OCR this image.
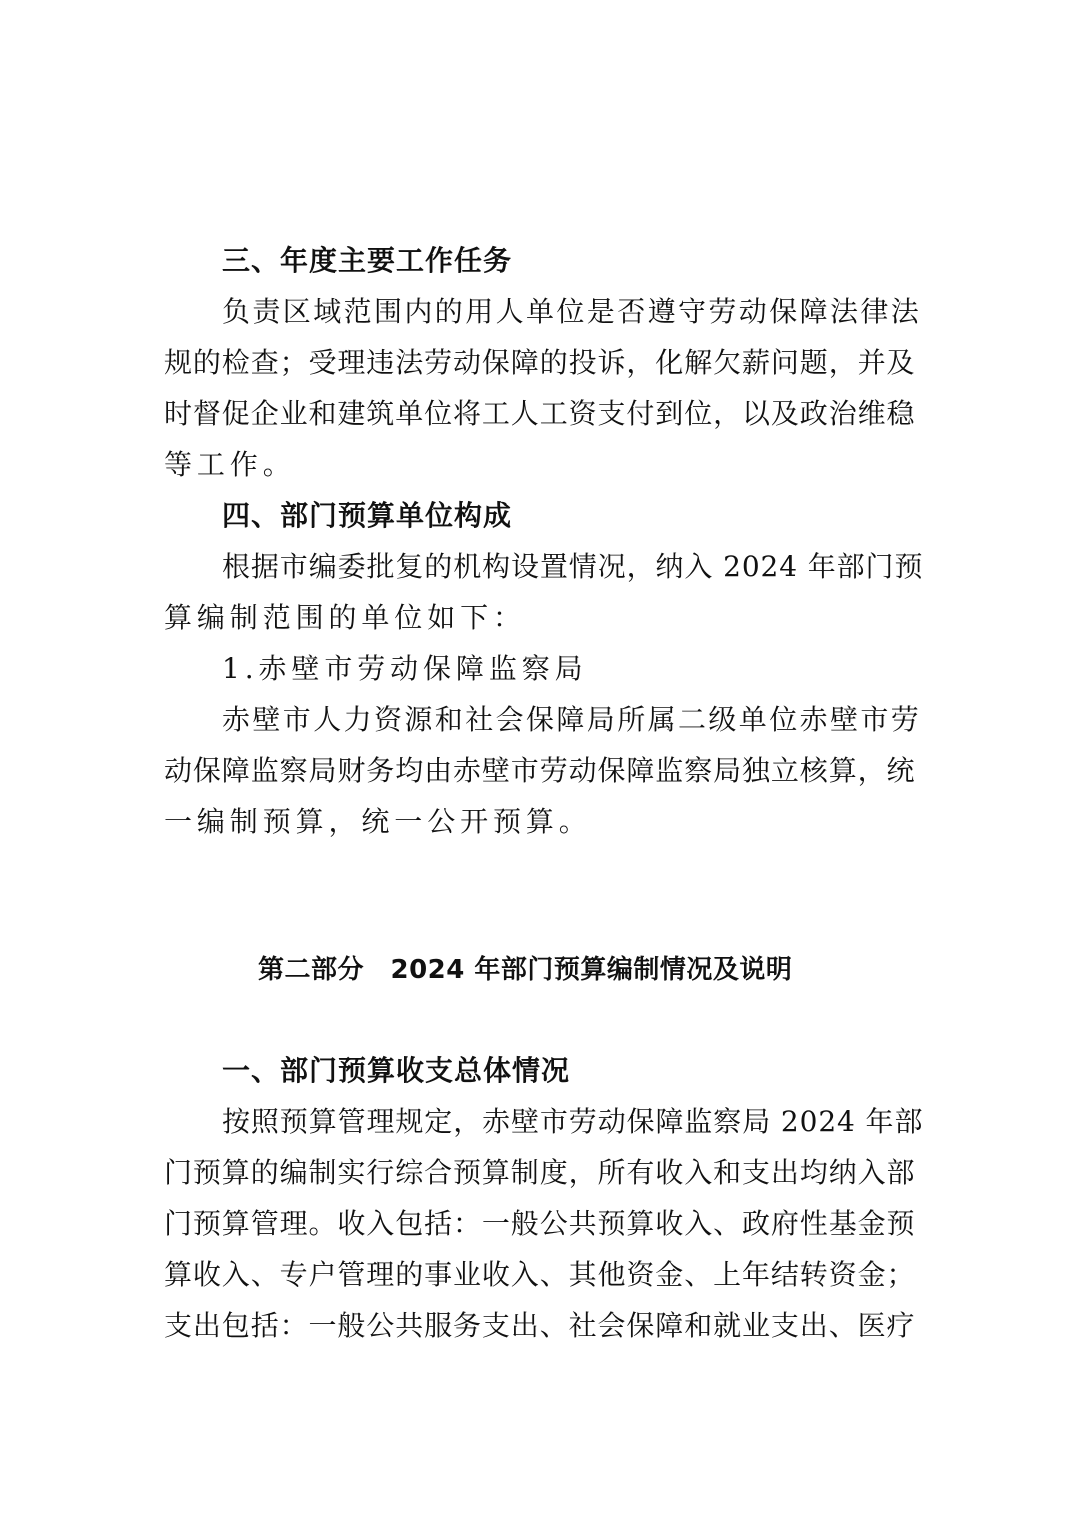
三、年度主要工作任务
负责区域范围内的用人单位是否遵守劳动保障法律法
规的检查；受理违法劳动保障的投诉，化解欠薪问题，并及
时督促企业和建筑单位将工人工资支付到位，以及政治维稳
等工作。
四、部门预算单位构成
根据市编委批复的机构设置情况，纳入 2024 年部门预
算编制范围的单位如下：
1.赤壁市劳动保障监察局
赤壁市人力资源和社会保障局所属二级单位赤壁市劳
动保障监察局财务均由赤壁市劳动保障监察局独立核算，统
一编制预算，统一公开预算。
第二部分　2024 年部门预算编制情况及说明
一、部门预算收支总体情况
按照预算管理规定，赤壁市劳动保障监察局 2024 年部
门预算的编制实行综合预算制度，所有收入和支出均纳入部
门预算管理。收入包括：一般公共预算收入、政府性基金预
算收入、专户管理的事业收入、其他资金、上年结转资金；
支出包括：一般公共服务支出、社会保障和就业支出、医疗
